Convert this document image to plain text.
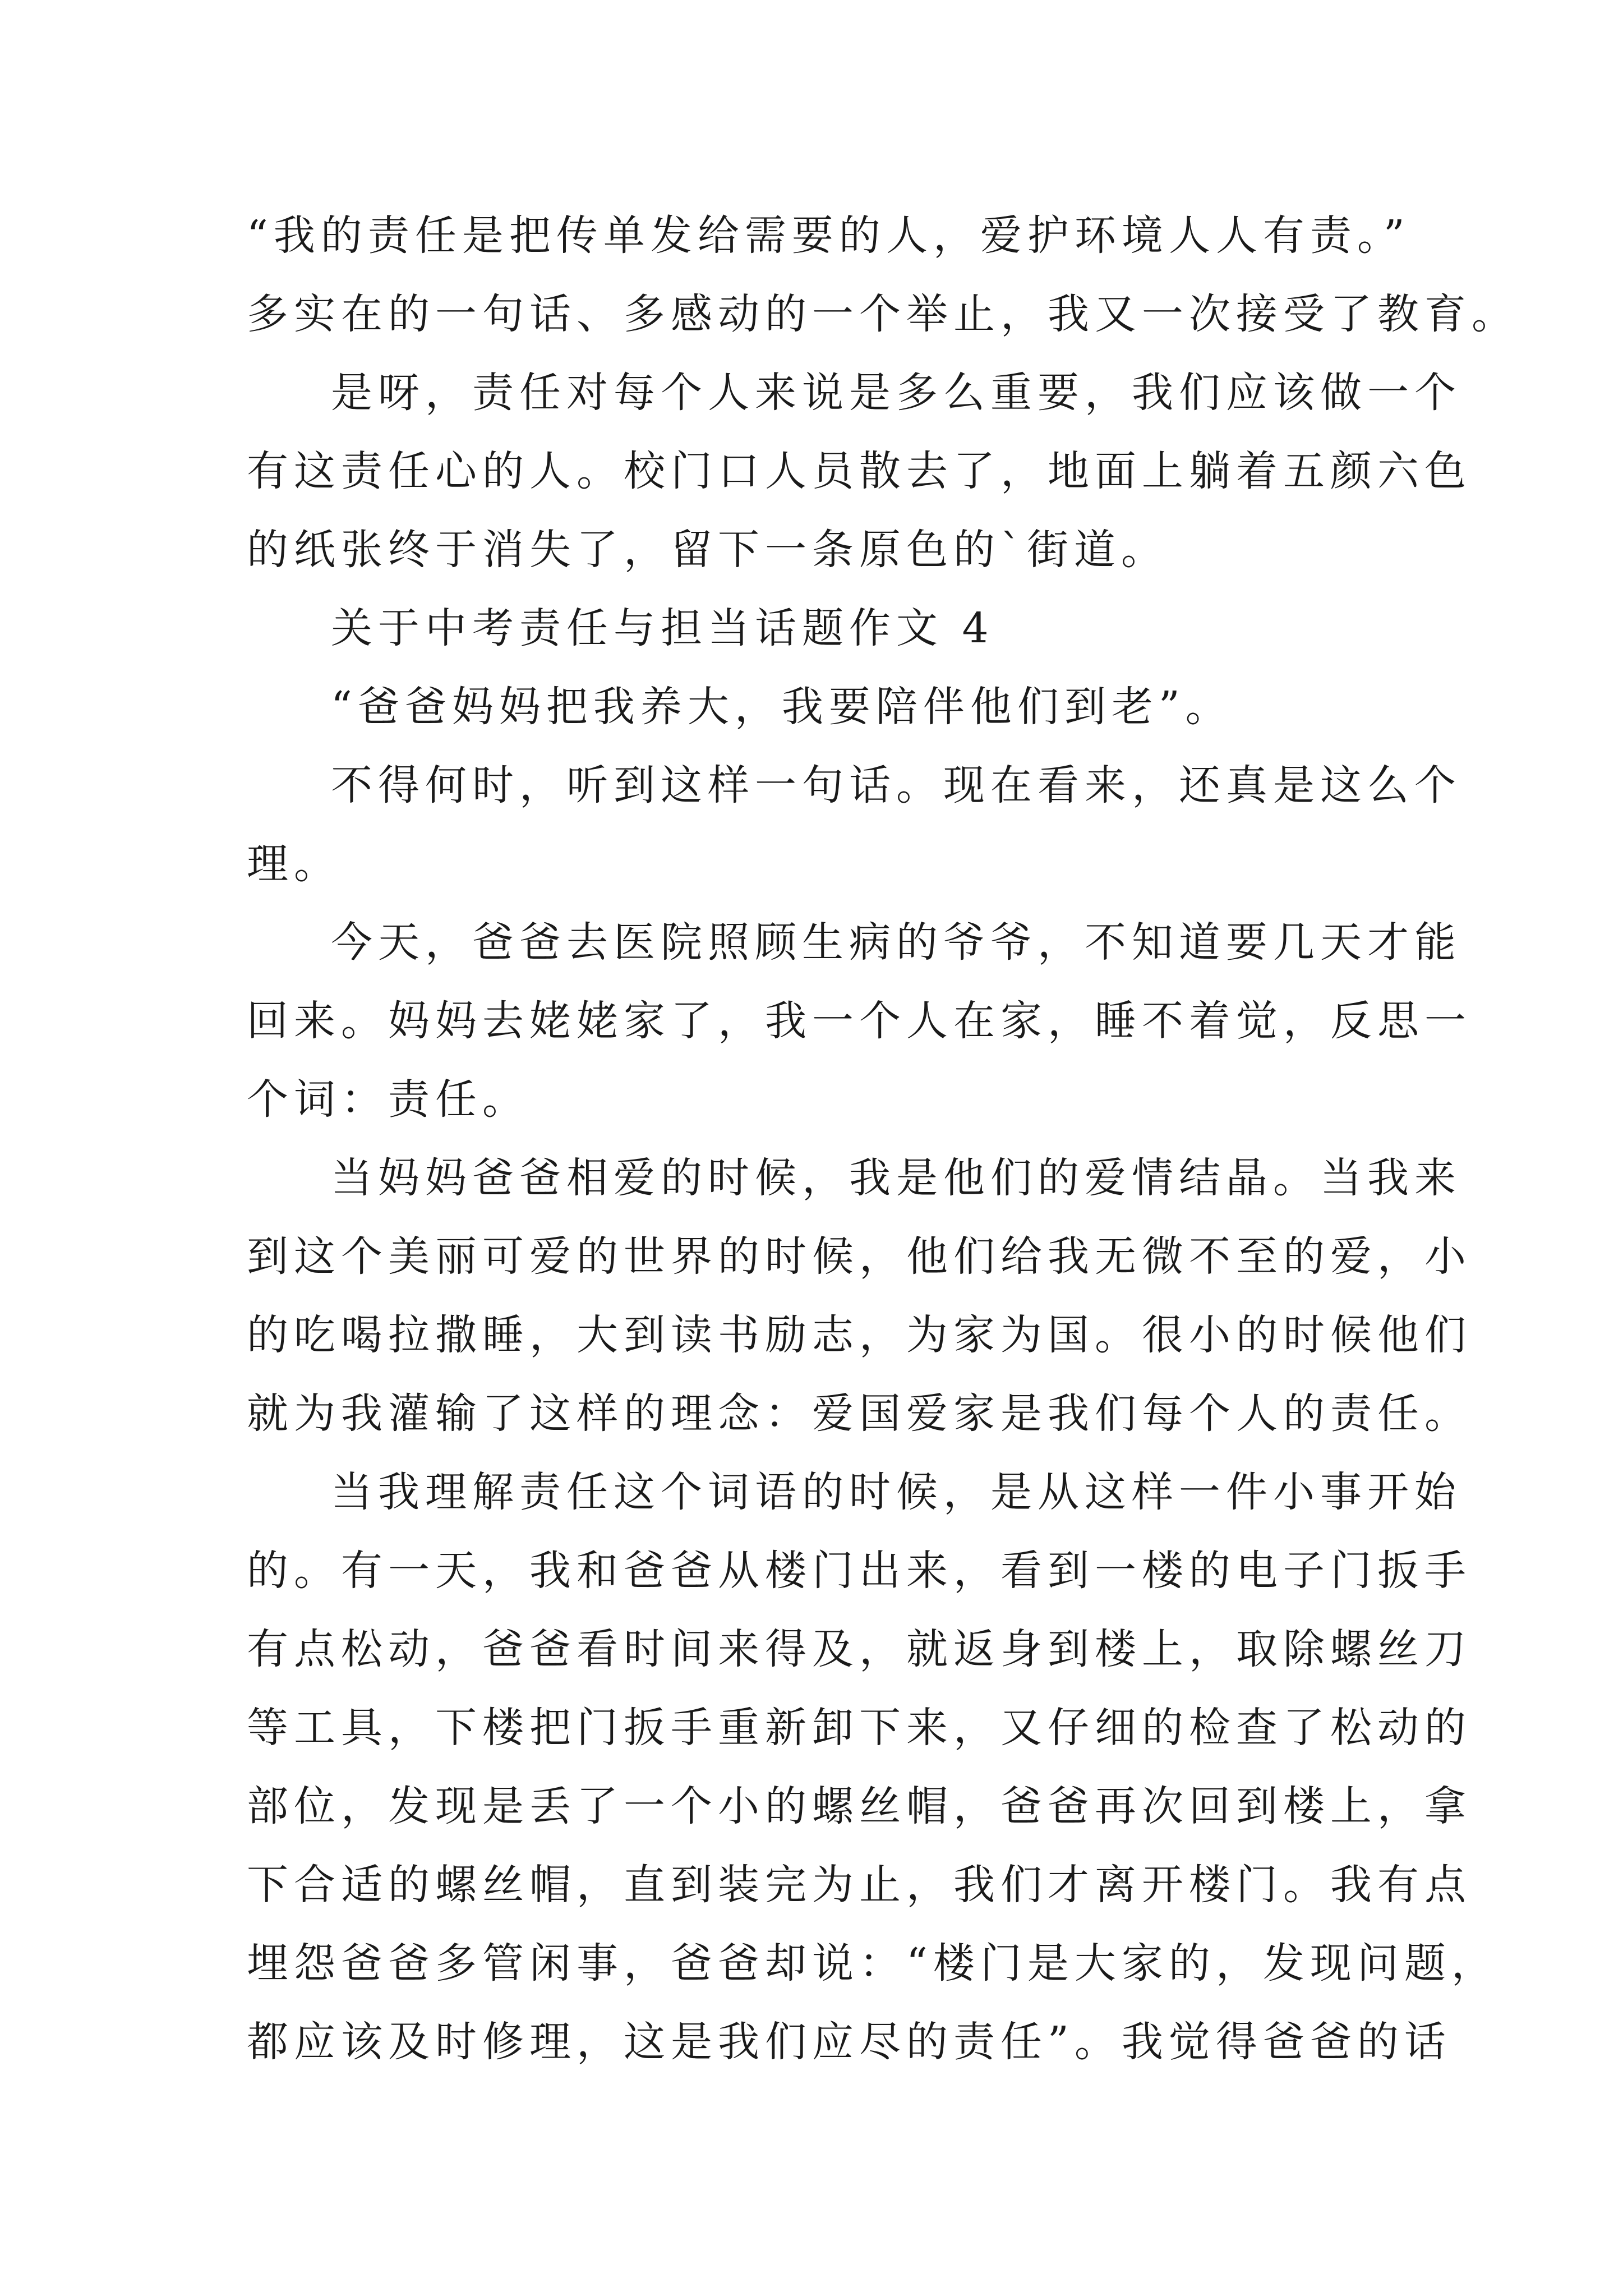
“我的责任是把传单发给需要的人，爱护环境人人有责。”
多实在的一句话、多感动的一个举止，我又一次接受了教育。
是呀，责任对每个人来说是多么重要，我们应该做一个
有这责任心的人。校门口人员散去了，地面上躺着五颜六色
的纸张终于消失了，留下一条原色的`街道。
关于中考责任与担当话题作文 4
“爸爸妈妈把我养大，我要陪伴他们到老”。
不得何时，听到这样一句话。现在看来，还真是这么个
理。
今天，爸爸去医院照顾生病的爷爷，不知道要几天才能
回来。妈妈去姥姥家了，我一个人在家，睡不着觉，反思一
个词：责任。
当妈妈爸爸相爱的时候，我是他们的爱情结晶。当我来
到这个美丽可爱的世界的时候，他们给我无微不至的爱，小
的吃喝拉撒睡，大到读书励志，为家为国。很小的时候他们
就为我灌输了这样的理念：爱国爱家是我们每个人的责任。
当我理解责任这个词语的时候，是从这样一件小事开始
的。有一天，我和爸爸从楼门出来，看到一楼的电子门扳手
有点松动，爸爸看时间来得及，就返身到楼上，取除螺丝刀
等工具，下楼把门扳手重新卸下来，又仔细的检查了松动的
部位，发现是丢了一个小的螺丝帽，爸爸再次回到楼上，拿
下合适的螺丝帽，直到装完为止，我们才离开楼门。我有点
埋怨爸爸多管闲事，爸爸却说：“楼门是大家的，发现问题，
都应该及时修理，这是我们应尽的责任”。我觉得爸爸的话
